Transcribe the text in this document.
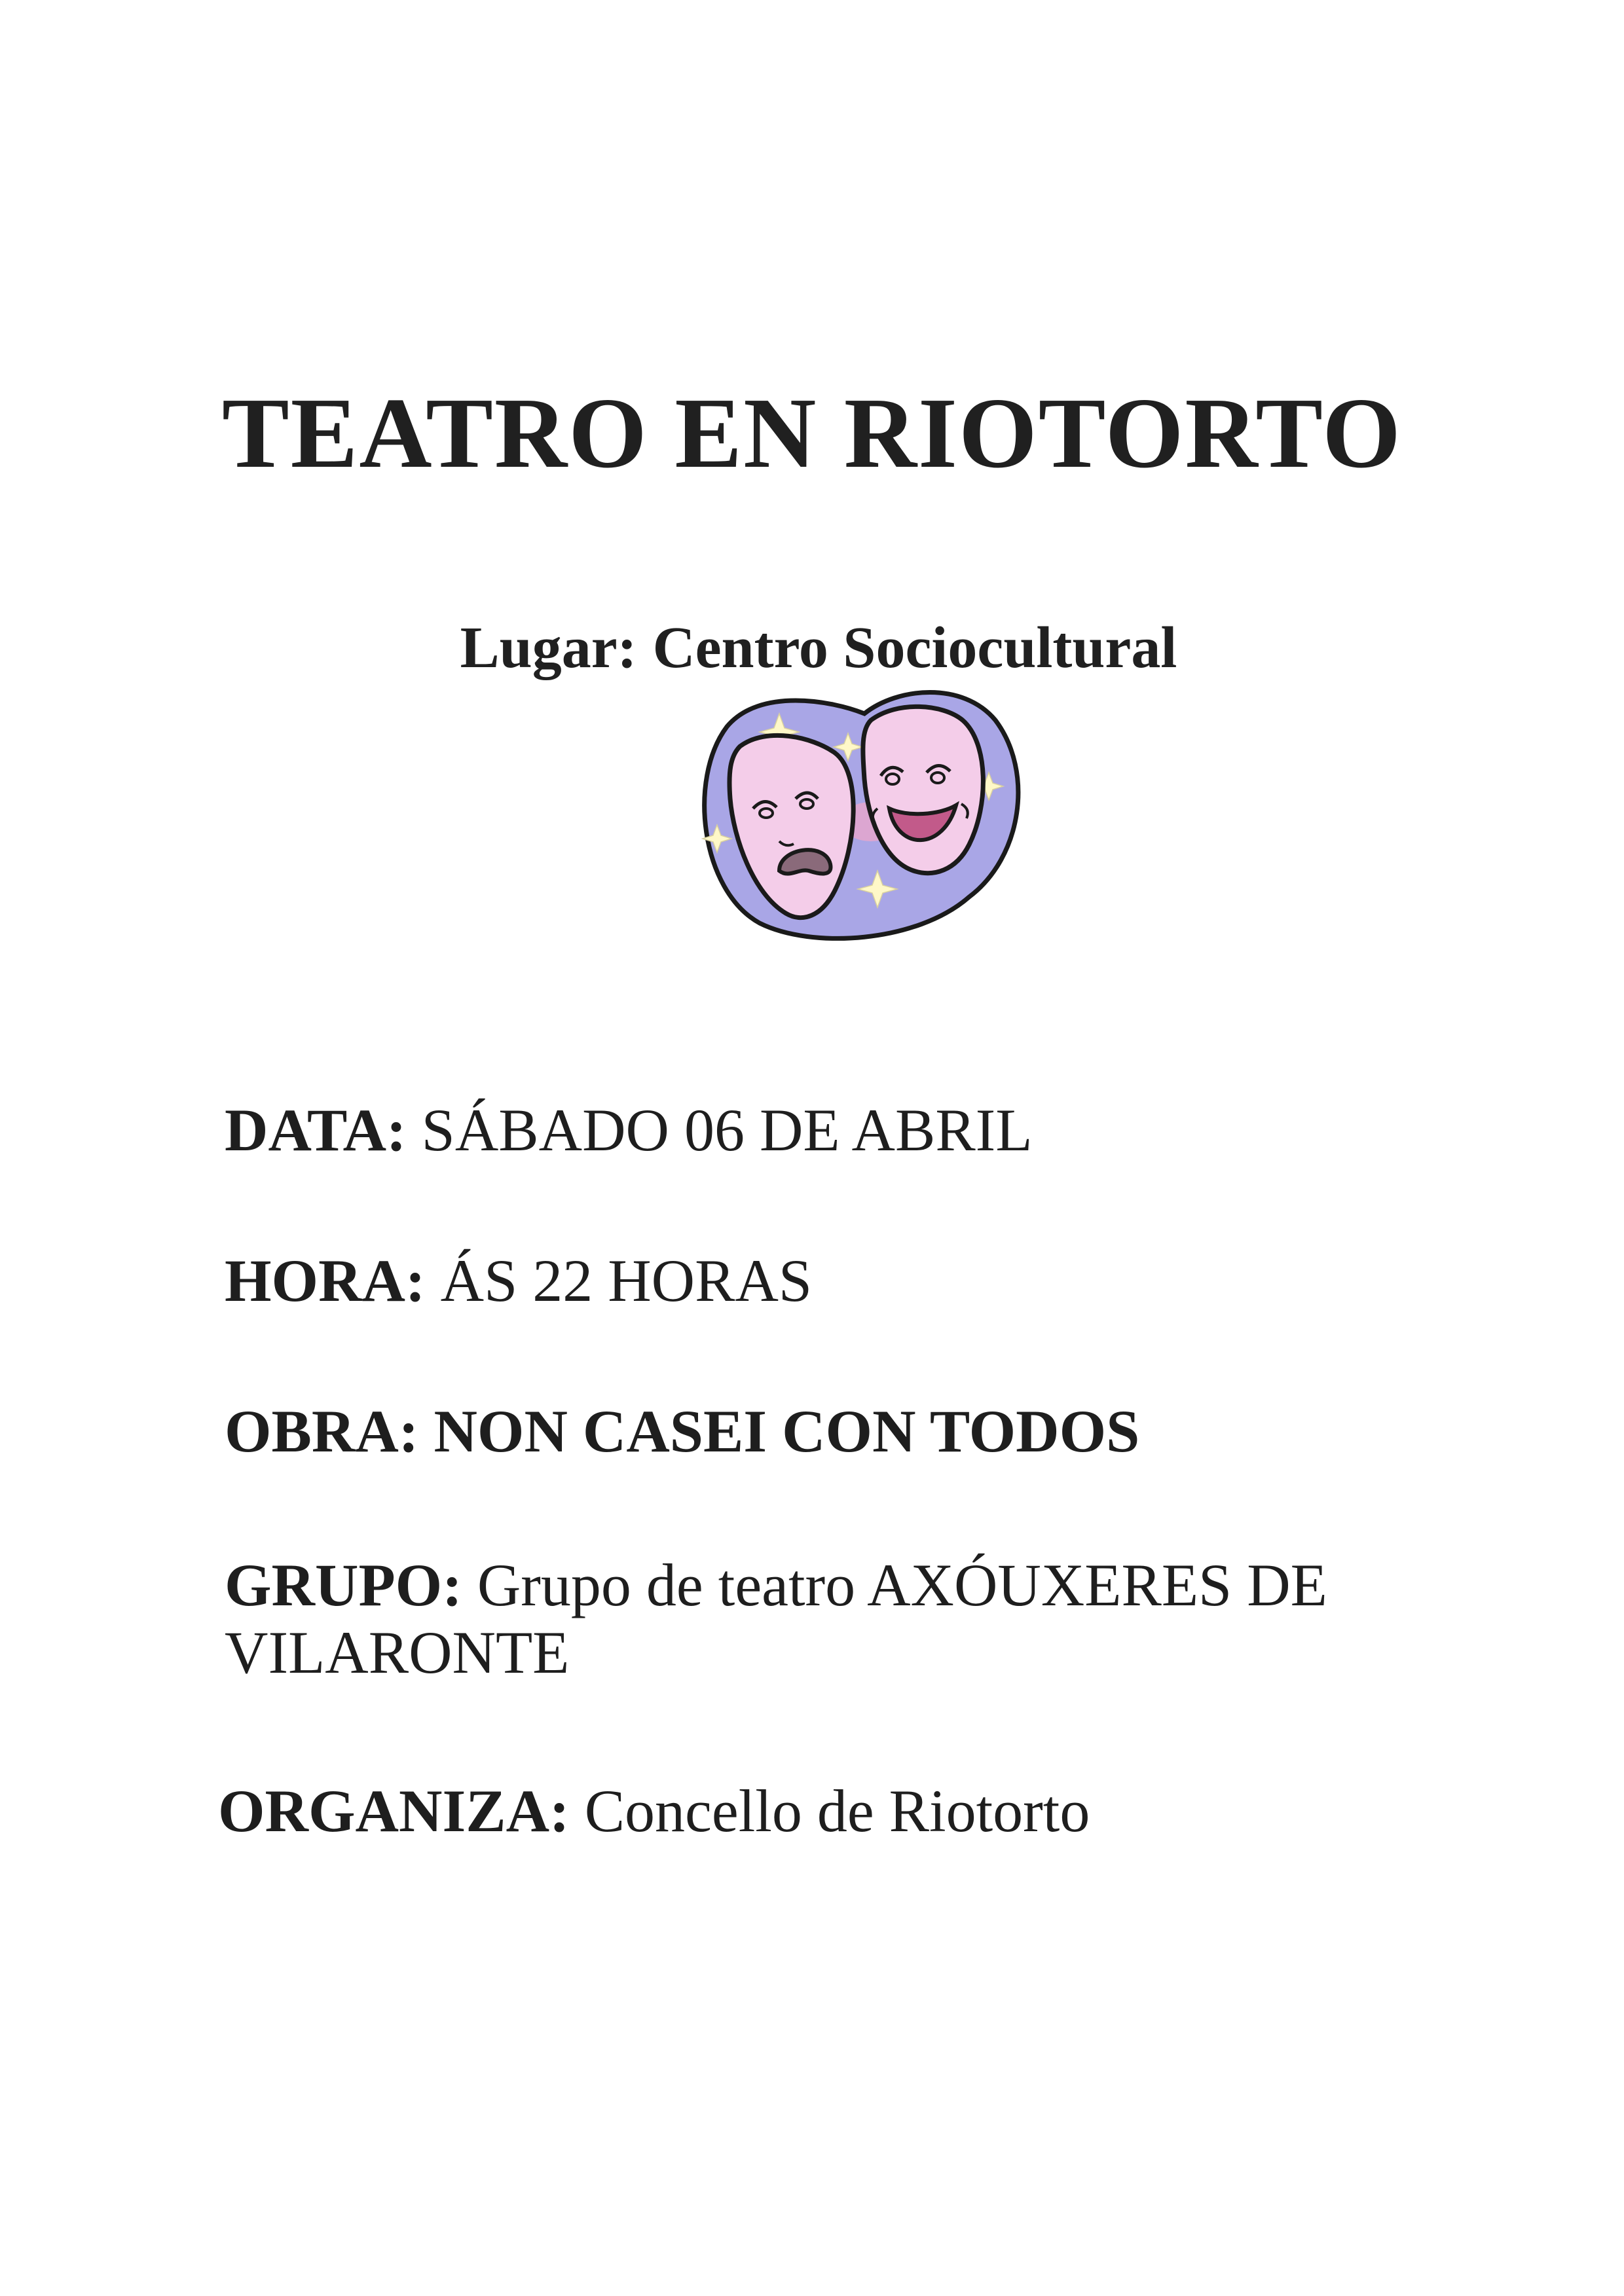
TEATRO EN RIOTORTO
Lugar: Centro Sociocultural
DATA: SÁBADO 06 DE ABRIL
HORA: ÁS 22 HORAS
OBRA: NON CASEI CON TODOS
GRUPO: Grupo de teatro AXÓUXERES DE
VILARONTE
ORGANIZA: Concello de Riotorto
